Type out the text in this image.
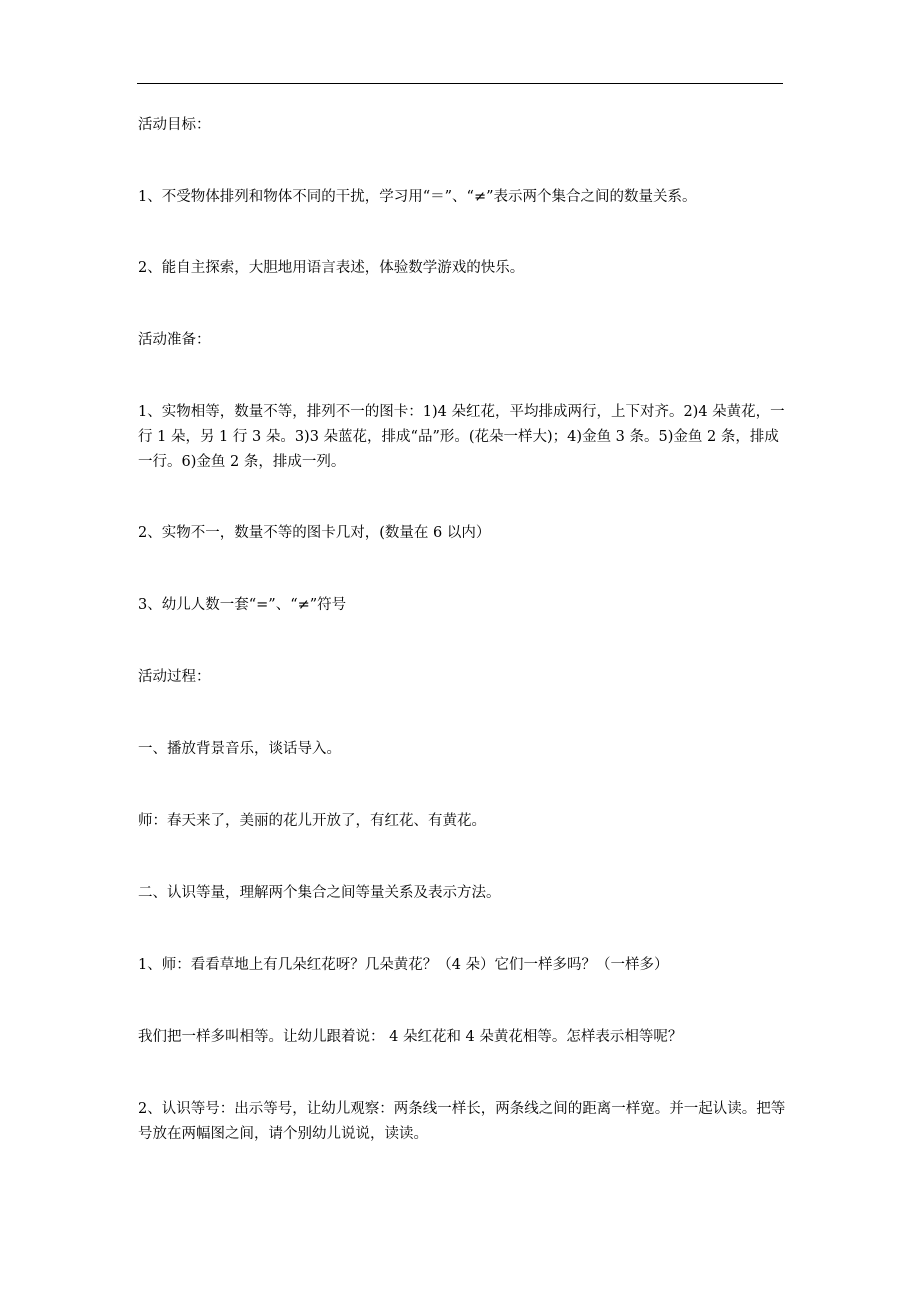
活动目标：

1、不受物体排列和物体不同的干扰，学习用“＝”、“≠”表示两个集合之间的数量关系。

2、能自主探索，大胆地用语言表述，体验数学游戏的快乐。

活动准备：

1、实物相等，数量不等，排列不一的图卡：1)4 朵红花，平均排成两行，上下对齐。2)4 朵黄花，一行 1 朵，另 1 行 3 朵。3)3 朵蓝花，排成“品”形。(花朵一样大)；4)金鱼 3 条。5)金鱼 2 条，排成一行。6)金鱼 2 条，排成一列。

2、实物不一，数量不等的图卡几对，(数量在 6 以内）

3、幼儿人数一套“=”、“≠”符号

活动过程：

一、播放背景音乐，谈话导入。

师：春天来了，美丽的花儿开放了，有红花、有黄花。

二、认识等量，理解两个集合之间等量关系及表示方法。

1、师：看看草地上有几朵红花呀？几朵黄花？（4 朵）它们一样多吗？（一样多）

我们把一样多叫相等。让幼儿跟着说： 4 朵红花和 4 朵黄花相等。怎样表示相等呢？

2、认识等号：出示等号，让幼儿观察：两条线一样长，两条线之间的距离一样宽。并一起认读。把等号放在两幅图之间，请个别幼儿说说，读读。
